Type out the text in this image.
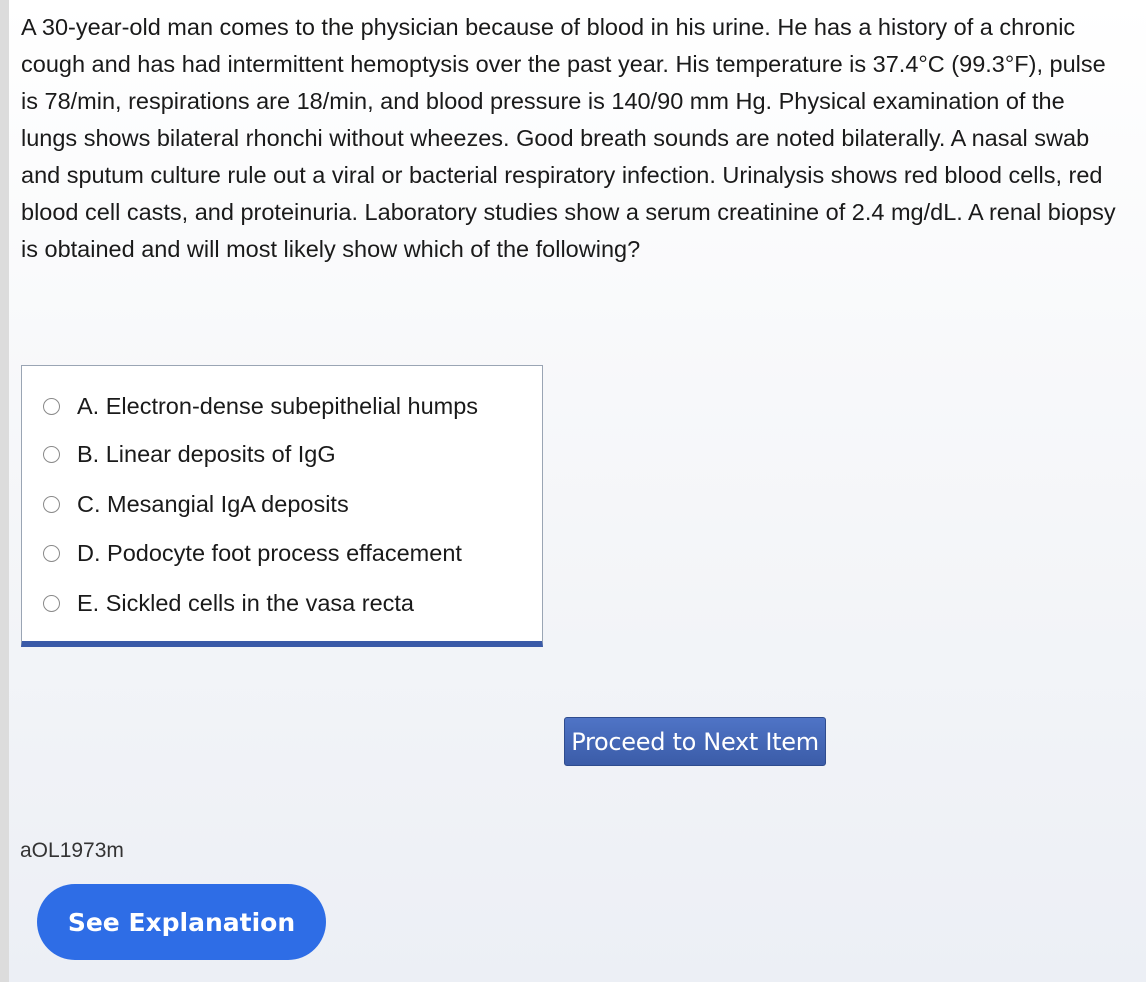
A 30-year-old man comes to the physician because of blood in his urine. He has a history of a chronic cough and has had intermittent hemoptysis over the past year. His temperature is 37.4°C (99.3°F), pulse is 78/min, respirations are 18/min, and blood pressure is 140/90 mm Hg. Physical examination of the lungs shows bilateral rhonchi without wheezes. Good breath sounds are noted bilaterally. A nasal swab and sputum culture rule out a viral or bacterial respiratory infection. Urinalysis shows red blood cells, red blood cell casts, and proteinuria. Laboratory studies show a serum creatinine of 2.4 mg/dL. A renal biopsy is obtained and will most likely show which of the following?

A. Electron-dense subepithelial humps
B. Linear deposits of IgG
C. Mesangial IgA deposits
D. Podocyte foot process effacement
E. Sickled cells in the vasa recta
Proceed to Next Item
aOL1973m
See Explanation
